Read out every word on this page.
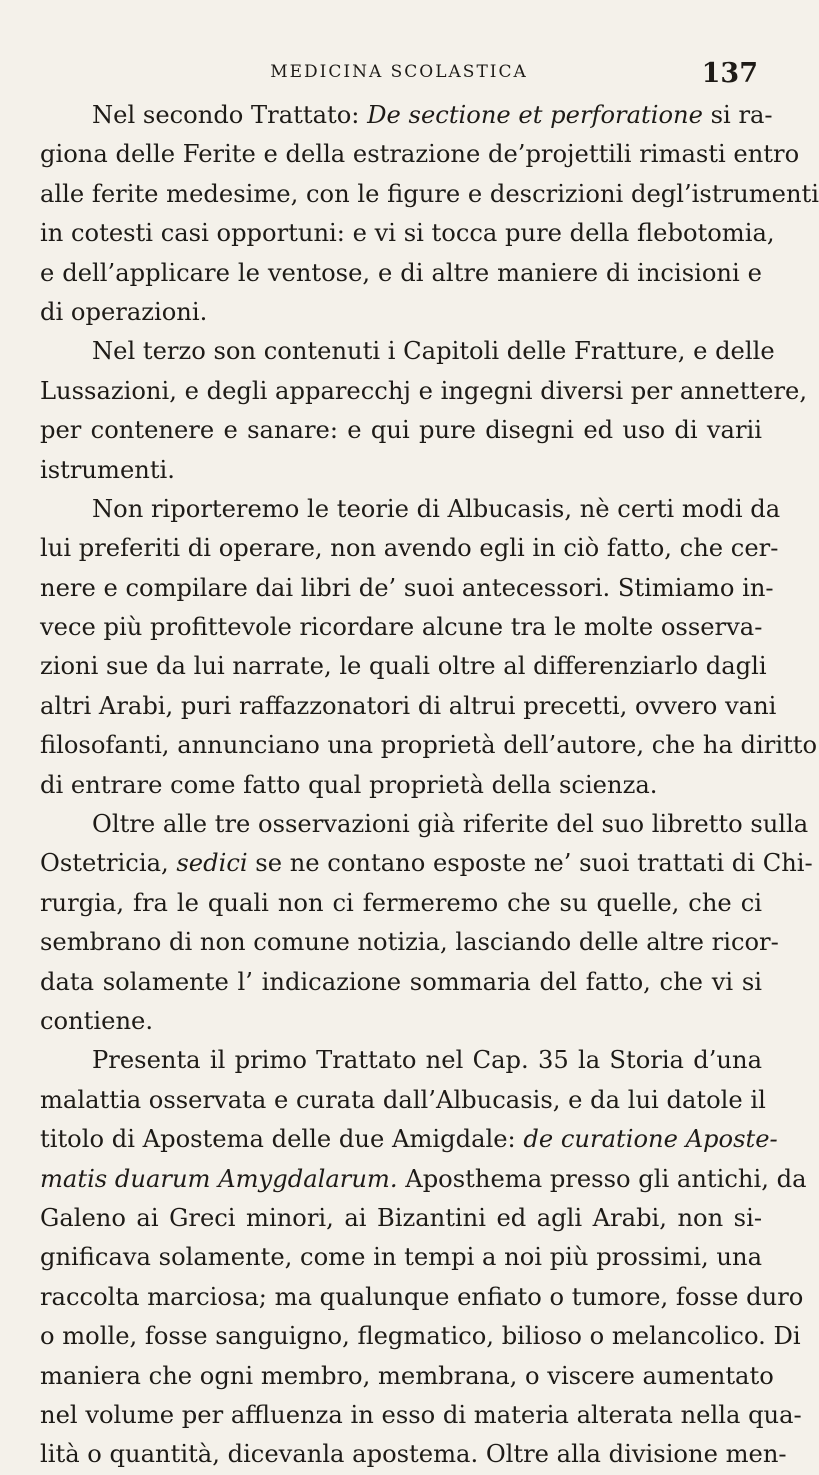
MEDICINA SCOLASTICA	137
Nel secondo Trattato: De sectione et perforatione si ra-
giona delle Ferite e della estrazione de’projettili rimasti entro
alle ferite medesime, con le figure e descrizioni degl’istrumenti
in cotesti casi opportuni: e vi si tocca pure della flebotomia,
e dell’applicare le ventose, e di altre maniere di incisioni e
di operazioni.
Nel terzo son contenuti i Capitoli delle Fratture, e delle
Lussazioni, e degli apparecchj e ingegni diversi per annettere,
per contenere e sanare: e qui pure disegni ed uso di varii
istrumenti.
Non riporteremo le teorie di Albucasis, nè certi modi da
lui preferiti di operare, non avendo egli in ciò fatto, che cer-
nere e compilare dai libri de’ suoi antecessori. Stimiamo in-
vece più profittevole ricordare alcune tra le molte osserva-
zioni sue da lui narrate, le quali oltre al differenziarlo dagli
altri Arabi, puri raffazzonatori di altrui precetti, ovvero vani
filosofanti, annunciano una proprietà dell’autore, che ha diritto
di entrare come fatto qual proprietà della scienza.
Oltre alle tre osservazioni già riferite del suo libretto sulla
Ostetricia, sedici se ne contano esposte ne’ suoi trattati di Chi-
rurgia, fra le quali non ci fermeremo che su quelle, che ci
sembrano di non comune notizia, lasciando delle altre ricor-
data solamente l’ indicazione sommaria del fatto, che vi si
contiene.
Presenta il primo Trattato nel Cap. 35 la Storia d’una
malattia osservata e curata dall’Albucasis, e da lui datole il
titolo di Apostema delle due Amigdale: de curatione Aposte-
matis duarum Amygdalarum. Aposthema presso gli antichi, da
Galeno ai Greci minori, ai Bizantini ed agli Arabi, non si-
gnificava solamente, come in tempi a noi più prossimi, una
raccolta marciosa; ma qualunque enfiato o tumore, fosse duro
o molle, fosse sanguigno, flegmatico, bilioso o melancolico. Di
maniera che ogni membro, membrana, o viscere aumentato
nel volume per affluenza in esso di materia alterata nella qua-
lità o quantità, dicevanla apostema. Oltre alla divisione men-
